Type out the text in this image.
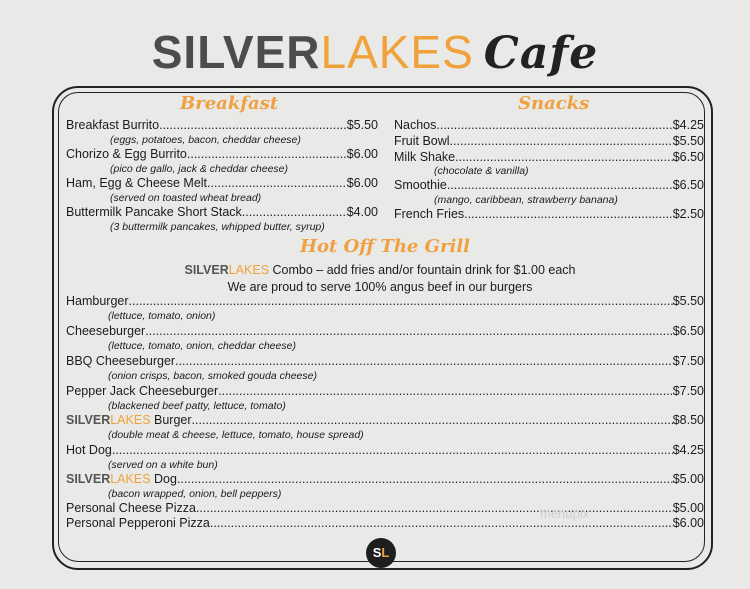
SILVERLAKES Cafe
Breakfast	Snacks
Breakfast Burrito .....	$5.50
(eggs, potatoes, bacon, cheddar cheese)
Chorizo & Egg Burrito .....	$6.00
(pico de gallo, jack & cheddar cheese)
Ham, Egg & Cheese Melt .....	$6.00
(served on toasted wheat bread)
Buttermilk Pancake Short Stack .....	$4.00
(3 buttermilk pancakes, whipped butter, syrup)
Nachos .....	$4.25
Fruit Bowl .....	$5.50
Milk Shake .....	$6.50
(chocolate & vanilla)
Smoothie .....	$6.50
(mango, caribbean, strawberry banana)
French Fries .....	$2.50
Hot Off The Grill
SILVERLAKES Combo – add fries and/or fountain drink for $1.00 each
We are proud to serve 100% angus beef in our burgers
Hamburger .....	$5.50
(lettuce, tomato, onion)
Cheeseburger .....	$6.50
(lettuce, tomato, onion, cheddar cheese)
BBQ Cheeseburger .....	$7.50
(onion crisps, bacon, smoked gouda cheese)
Pepper Jack Cheeseburger .....	$7.50
(blackened beef patty, lettuce, tomato)
SILVERLAKES Burger .....	$8.50
(double meat & cheese, lettuce, tomato, house spread)
Hot Dog .....	$4.25
(served on a white bun)
SILVERLAKES Dog .....	$5.00
(bacon wrapped, onion, bell peppers)
Personal Cheese Pizza .....	$5.00
Personal Pepperoni Pizza .....	$6.00
menupix
SL
